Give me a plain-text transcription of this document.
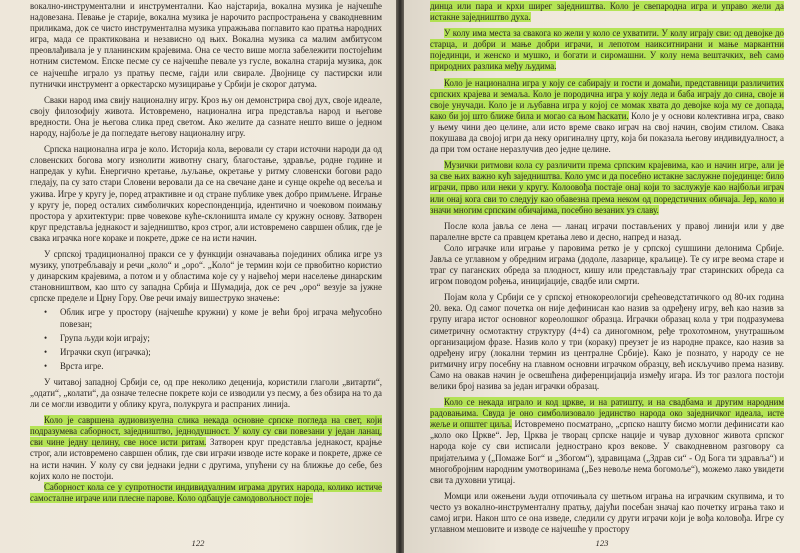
вокално-инструментални и инструментални. Као најстарија, вокална музика је најчешће надовезана. Певање је старије, вокална музика је нарочито распрострањена у свакодневним приликама, док се чисто инструментална музика упражњава поглавито као пратња народних игра, мада се практикована и независно од њих. Вокална музика са малим амбитусом преовлађивала је у планинским крајевима. Она се често више могла забележити постојећим нотним системом. Епске песме су се најчешће певале уз гусле, вокална старија музика, док се најчешће играло уз пратњу песме, гајди или свирале. Двојнице су пастирски или путнички инструмент а оркестарско музицирање у Србији је скорог датума.

Сваки народ има свију националну игру. Кроз њу он демонстрира свој дух, своје идеале, своју филозофију живота. Истовремено, национална игра представља народ и његове вредности. Она је његова слика пред светом. Ако желите да сазнате нешто више о једном народу, најбоље је да погледате његову националну игру.

Српска национална игра је коло. Историја кола, веровали су стари источни народи да од словенских богова могу изнолити животну снагу, благостање, здравље, родне године и напредак у кући. Енергично кретање, љуљање, окретање у ритму словенски богови радо гледају, па су зато стари Словени веровали да се на свечане дане и сунце окреће од весеља и ужива. Игре у кругу је, поред атрактивне и од стране публике увек добро примљене. Играње у кругу је, поред осталих симболичких кореспонденција, идентично и чоековом поимању простора у архитектури: прве човекове куће-склоништа имале су кружну основу. Затворен круг представља једнакост и заједништво, кроз строг, али истовремено савршен облик, где је свака играчка ноге кораке и покрете, држе се на исти начин.

У српској традиционалној пракси се у функцији означавања појединих облика игре уз музику, употребљавају и речи „коло“ и „оро“. „Коло“ је термин који се првобитно користио у динарским крајевима, а потом и у областима које су у највећој мери населење динарским становништвом, као што су западна Србија и Шумадија, док се реч „оро“ везује за јужне српске пределе и Црну Гору. Ове речи имају вишеструко значење:

• Облик игре у простору (најчешће кружни) у коме је већи број играча међусобно повезан;
• Група људи који играју;
• Играчки скуп (играчка);
• Врста игре.

У читавој западној Србији се, од пре неколико деценија, користили глаголи „витарти“, „одати“, „колати“, да означе телесне покрете који се изводили уз песму, а без обзира на то да ли се могли изводити у облику круга, полукруга и распраних линија.

Коло је савршена аудиовизуелна слика некада основне српске погледа на свет, који подразумева саборност, заједништво, једнодушност. У колу су сви повезани у један ланац, сви чине једну целину, све носе исти ритам. Затворен круг представља једнакост, крајње строг, али истовремено савршен облик, где сви играчи изводе исте кораке и покрете, држе се на исти начин. У колу су сви једнаки једни с другима, упућени су на ближње до себе, без којих коло не постоји.

Саборност кола се у супротности индивидуалним играма других народа, колико истиче самосталне играче или плесне парове. Коло одбацује самодовољност поје-

122

динца или пара и крхи ширег заједништва. Коло је свепародна игра и управо жели да истакне заједништво духа.

У колу има места за свакога ко жели у коло се ухватити. У колу играју сви: од девојке до старца, и добри и мање добри играчи, и лепотом наикситнирани и мање маркантни појединци, и женско и мушко, и богати и сиромашни. У колу нема вештачких, већ само природних разлика међу људима.

Коло је национална игра у коју се сабирају и гости и домаћи, представници различитих српских крајева и земаља. Коло је породична игра у коју леда и баба играју до сина, своје и своје унучади. Коло је и љубавна игра у којој се момак хвата до девојке која му се допада, како би јој што ближе била и могао са њом ћаскати. Коло је у основи колективна игра, свако у њему чини део целине, али исто време свако играч на свој начин, својим стилом. Свака покушава да својој игри да неку оригиналну црту, која би показала његову индивидуалност, а да при том остане неразлучив део једне целине.

Музички ритмови кола су различити према српским крајевима, као и начин игре, али је за све њих важно кућ заједништва. Коло умс и да посебно истакне заслужне појединце: било играчи, прво или неки у кругу. Колоовођа постаје онај који то заслужује као најбољи играч или онај кога сви то следују као обавезна према неком од поредстичних обичаја. Јер, коло и значи многим српским обичајима, посебно везаних уз славу.

После кола јавља се лена — ланац играчи постављених у правој линији или у две паралелне врсте са правцем кретања лево и десно, напред и назад.

Соло играчке или играње у паровима ретко је у српској сушшини делонима Србије. Јавља се углавном у обредним играма (додоле, лазарице, краљице). Те су игре веома старе и траг су паганских обреда за плодност, кишу или представљају траг старинских обреда са игром поводом рођења, иницијације, свадбе или смрти.

Појам кола у Србији се у српској етнокореологији срећеоведстатичкого од 80-их година 20. века. Од самог почетка он није дефинисан као назив за одређену игру, већ као назив за групу игара истог основног кореолошког образца. Играчки образац кола у три подразумева симетричну осмотактну структуру (4+4) са диногомном, ређе трохотомном, унутрашњом организацијом фразе. Назив коло у три (кораку) преузет је из народне праксе, као назив за одређену игру (локални термин из централне Србије). Како је познато, у народу се не ритмичну игру посебну на главном основни играчком образцу, већ искључиво према називу. Само на овакав начин је освешћена диференцијација између игара. Из тог разлога постоји велики број назива за један играчки образац.

Коло се некада играло и код цркве, и на ратишту, и на свадбама и другим народним радовањима. Свуда је оно симболизовало јединство народа око заједничког идеала, исте жеље и општег циља. Истовремено посматрано, „српско нашту бисмо могли дефинисати као „коло око Цркве“. Јер, Црква је творац српске нације и чувар духовног живота српског народа које су сви исписали једнострано кроз векове. У свакодневном разговору са пријатељима у („Помаже Бог“ и „Збогом“), здравицама („Здрав си“ - Од Бога ти здравља“) и многобројним народним умотворинама („Без невоље нема богомоље“), можемо лако увидети сви та духовни утицај.

Момци или ожењени људи отпочињала су шетњом играња на играчким скупвима, и то често уз вокално-инструменталну пратњу, дајући посебан значај као почетку играња тако и самој игри. Након што се она изведе, следили су други играчи који је вођа коловођа. Игре су углавном мешовите и изводе се најчешће у простору

123
